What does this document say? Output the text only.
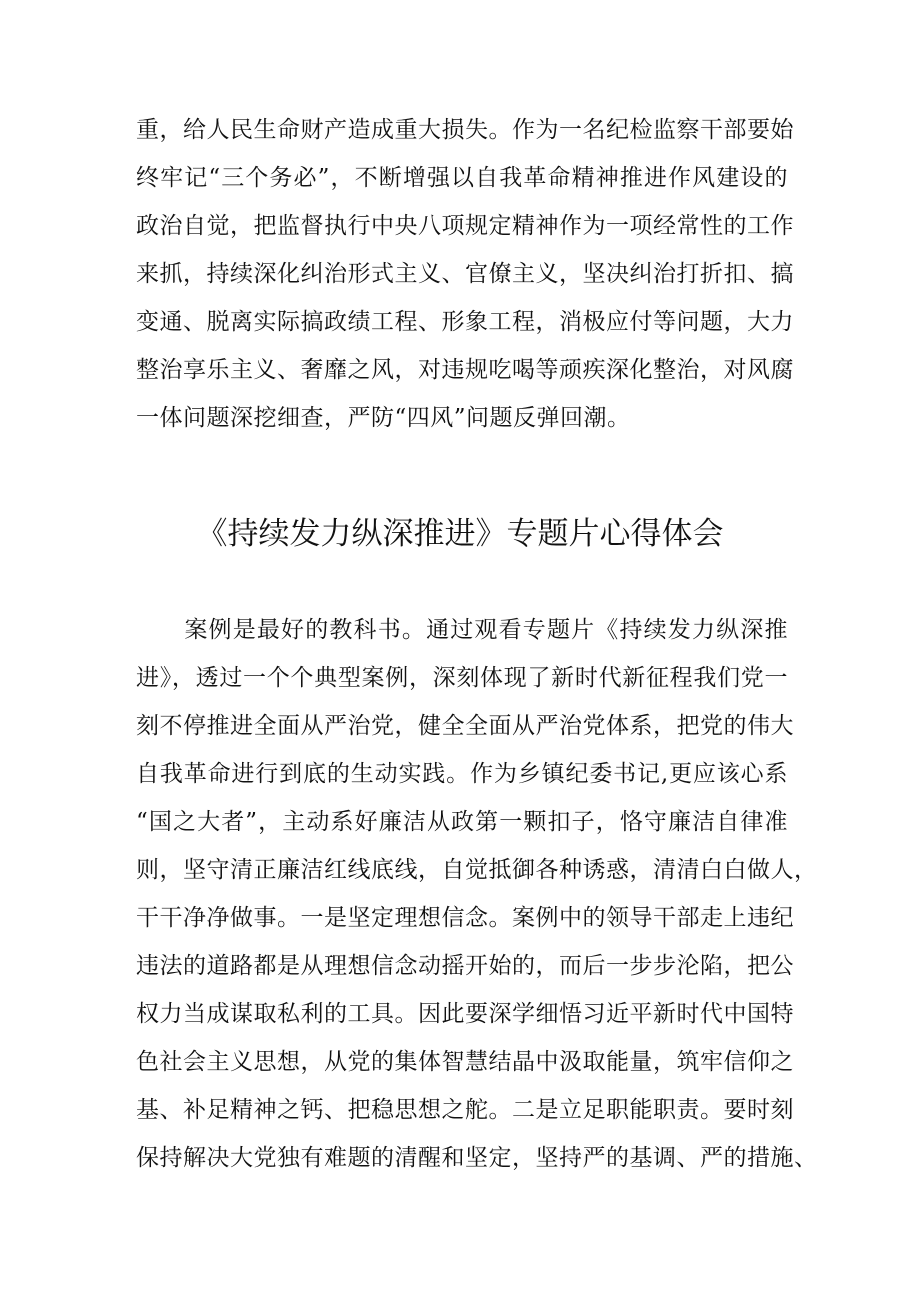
重，给人民生命财产造成重大损失。作为一名纪检监察干部要始
终牢记“三个务必”，不断增强以自我革命精神推进作风建设的
政治自觉，把监督执行中央八项规定精神作为一项经常性的工作
来抓，持续深化纠治形式主义、官僚主义，坚决纠治打折扣、搞
变通、脱离实际搞政绩工程、形象工程，消极应付等问题，大力
整治享乐主义、奢靡之风，对违规吃喝等顽疾深化整治，对风腐
一体问题深挖细查，严防“四风”问题反弹回潮。
《持续发力纵深推进》专题片心得体会
　　案例是最好的教科书。通过观看专题片《持续发力纵深推
进》，透过一个个典型案例，深刻体现了新时代新征程我们党一
刻不停推进全面从严治党，健全全面从严治党体系，把党的伟大
自我革命进行到底的生动实践。作为乡镇纪委书记,更应该心系
“国之大者”，主动系好廉洁从政第一颗扣子，恪守廉洁自律准
则，坚守清正廉洁红线底线，自觉抵御各种诱惑，清清白白做人，
干干净净做事。一是坚定理想信念。案例中的领导干部走上违纪
违法的道路都是从理想信念动摇开始的，而后一步步沦陷，把公
权力当成谋取私利的工具。因此要深学细悟习近平新时代中国特
色社会主义思想，从党的集体智慧结晶中汲取能量，筑牢信仰之
基、补足精神之钙、把稳思想之舵。二是立足职能职责。要时刻
保持解决大党独有难题的清醒和坚定，坚持严的基调、严的措施、
